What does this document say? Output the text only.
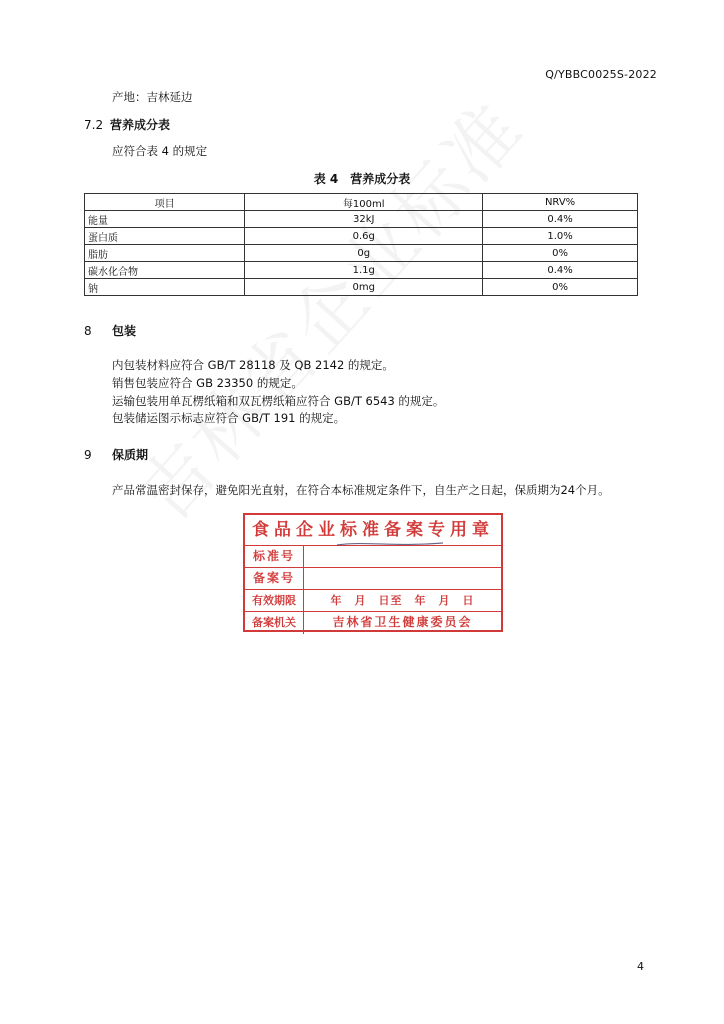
Q/YBBC0025S-2022
产地：吉林延边
7.2 营养成分表
应符合表 4 的规定
表 4　营养成分表
项目	每100ml	NRV%
能量	32kJ	0.4%
蛋白质	0.6g	1.0%
脂肪	0g	0%
碳水化合物	1.1g	0.4%
钠	0mg	0%
8 包装
内包装材料应符合 GB/T 28118 及 QB 2142 的规定。
销售包装应符合 GB 23350 的规定。
运输包装用单瓦楞纸箱和双瓦楞纸箱应符合 GB/T 6543 的规定。
包装储运图示标志应符合 GB/T 191 的规定。
9 保质期
产品常温密封保存，避免阳光直射，在符合本标准规定条件下，自生产之日起，保质期为24个月。
食品企业标准备案专用章
标准号
备案号
有效期限	年　月　日至　年　月　日
备案机关	吉林省卫生健康委员会
4
